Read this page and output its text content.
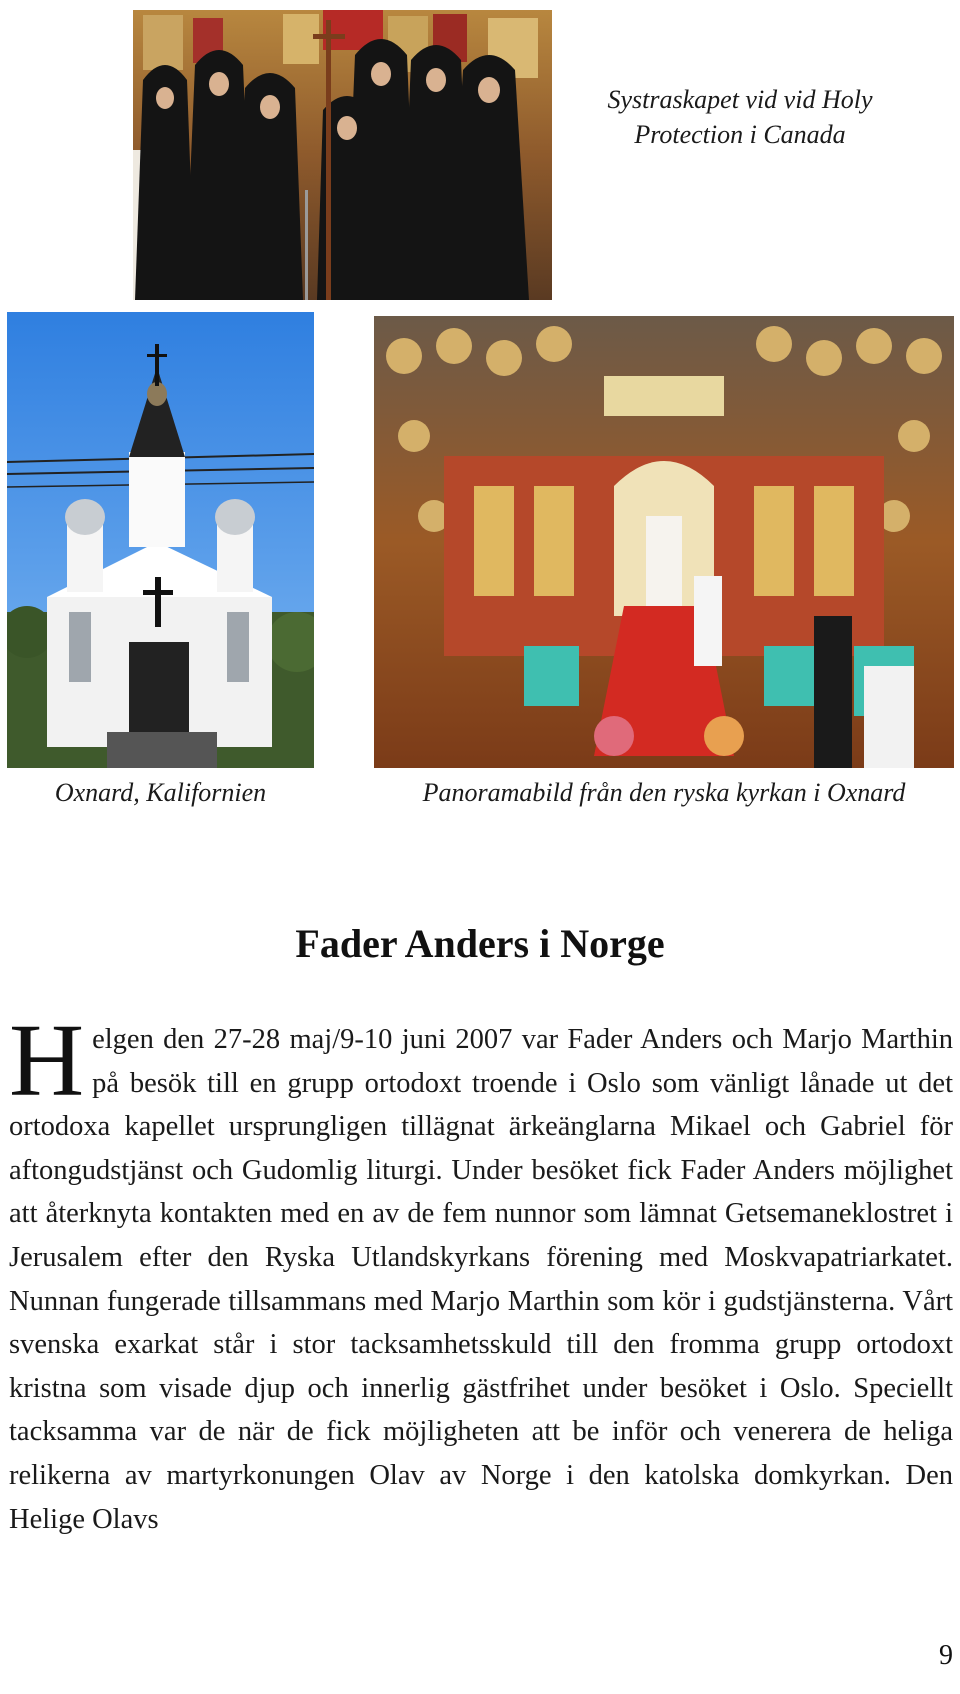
Systraskapet vid vid Holy
Protection i Canada
Oxnard, Kalifornien	Panoramabild från den ryska kyrkan i Oxnard
Fader Anders i Norge

Helgen den 27-28 maj/9-10 juni 2007 var Fader Anders och Marjo Marthin på besök till en grupp ortodoxt troende i Oslo som vänligt lånade ut det ortodoxa kapellet ursprungligen tillägnat ärkeänglarna Mikael och Gabriel för aftongudstjänst och Gudomlig liturgi. Under besöket fick Fader Anders möjlighet att återknyta kontakten med en av de fem nunnor som lämnat Getsemaneklostret i Jerusalem efter den Ryska Utlandskyrkans förening med Moskvapatriarkatet. Nunnan fungerade tillsammans med Marjo Marthin som kör i gudstjänsterna. Vårt svenska exarkat står i stor tacksamhetsskuld till den fromma grupp ortodoxt kristna som visade djup och innerlig gästfrihet under besöket i Oslo. Speciellt tacksamma var de när de fick möjligheten att be inför och venerera de heliga relikerna av martyrkonungen Olav av Norge i den katolska domkyrkan. Den Helige Olavs

9
